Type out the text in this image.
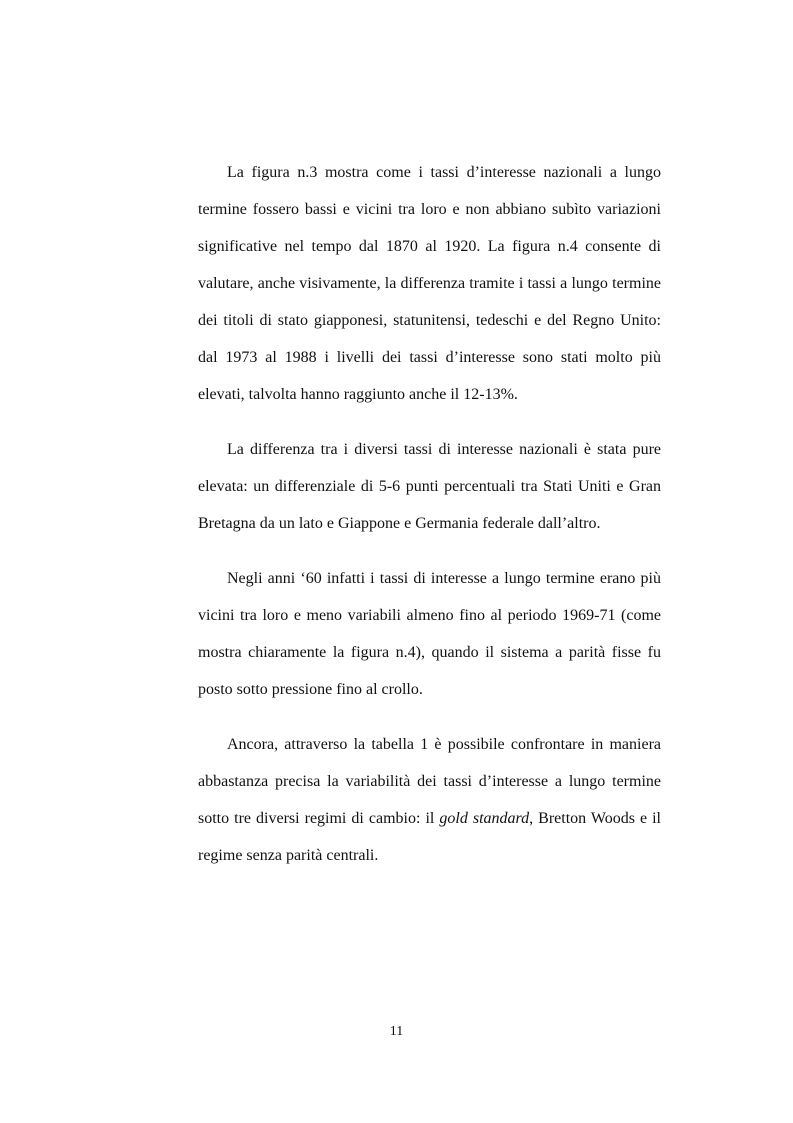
La figura n.3 mostra come i tassi d’interesse nazionali a lungo termine fossero bassi e vicini tra loro e non abbiano subìto variazioni significative nel tempo dal 1870 al 1920. La figura n.4 consente di valutare, anche visivamente, la differenza tramite i tassi a lungo termine dei titoli di stato giapponesi, statunitensi, tedeschi e del Regno Unito: dal 1973 al 1988 i livelli dei tassi d’interesse sono stati molto più elevati, talvolta hanno raggiunto anche il 12-13%.

La differenza tra i diversi tassi di interesse nazionali è stata pure elevata: un differenziale di 5-6 punti percentuali tra Stati Uniti e Gran Bretagna da un lato e Giappone e Germania federale dall’altro.

Negli anni ‘60 infatti i tassi di interesse a lungo termine erano più vicini tra loro e meno variabili almeno fino al periodo 1969-71 (come mostra chiaramente la figura n.4), quando il sistema a parità fisse fu posto sotto pressione fino al crollo.

Ancora, attraverso la tabella 1 è possibile confrontare in maniera abbastanza precisa la variabilità dei tassi d’interesse a lungo termine sotto tre diversi regimi di cambio: il gold standard, Bretton Woods e il regime senza parità centrali.

11
